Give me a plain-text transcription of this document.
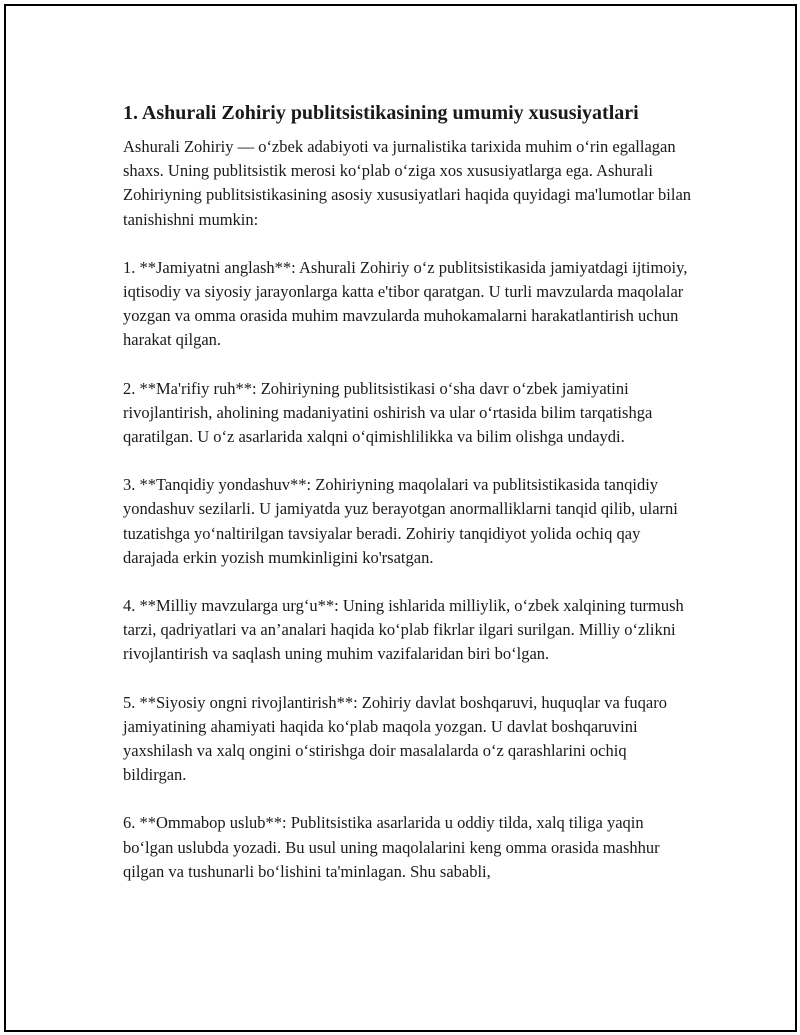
1. Ashurali Zohiriy publitsistikasining umumiy xususiyatlari

Ashurali Zohiriy — o‘zbek adabiyoti va jurnalistika tarixida muhim o‘rin egallagan shaxs. Uning publitsistik merosi ko‘plab o‘ziga xos xususiyatlarga ega. Ashurali Zohiriyning publitsistikasining asosiy xususiyatlari haqida quyidagi ma'lumotlar bilan tanishishni mumkin:

1. **Jamiyatni anglash**: Ashurali Zohiriy o‘z publitsistikasida jamiyatdagi ijtimoiy, iqtisodiy va siyosiy jarayonlarga katta e'tibor qaratgan. U turli mavzularda maqolalar yozgan va omma orasida muhim mavzularda muhokamalarni harakatlantirish uchun harakat qilgan.

2. **Ma'rifiy ruh**: Zohiriyning publitsistikasi o‘sha davr o‘zbek jamiyatini rivojlantirish, aholining madaniyatini oshirish va ular o‘rtasida bilim tarqatishga qaratilgan. U o‘z asarlarida xalqni o‘qimishlilikka va bilim olishga undaydi.

3. **Tanqidiy yondashuv**: Zohiriyning maqolalari va publitsistikasida tanqidiy yondashuv sezilarli. U jamiyatda yuz berayotgan anormalliklarni tanqid qilib, ularni tuzatishga yo‘naltirilgan tavsiyalar beradi. Zohiriy tanqidiyot yolida ochiq qay darajada erkin yozish mumkinligini ko'rsatgan.

4. **Milliy mavzularga urg‘u**: Uning ishlarida milliylik, o‘zbek xalqining turmush tarzi, qadriyatlari va an’analari haqida ko‘plab fikrlar ilgari surilgan. Milliy o‘zlikni rivojlantirish va saqlash uning muhim vazifalaridan biri bo‘lgan.

5. **Siyosiy ongni rivojlantirish**: Zohiriy davlat boshqaruvi, huquqlar va fuqaro jamiyatining ahamiyati haqida ko‘plab maqola yozgan. U davlat boshqaruvini yaxshilash va xalq ongini o‘stirishga doir masalalarda o‘z qarashlarini ochiq bildirgan.

6. **Ommabop uslub**: Publitsistika asarlarida u oddiy tilda, xalq tiliga yaqin bo‘lgan uslubda yozadi. Bu usul uning maqolalarini keng omma orasida mashhur qilgan va tushunarli bo‘lishini ta'minlagan. Shu sababli,
